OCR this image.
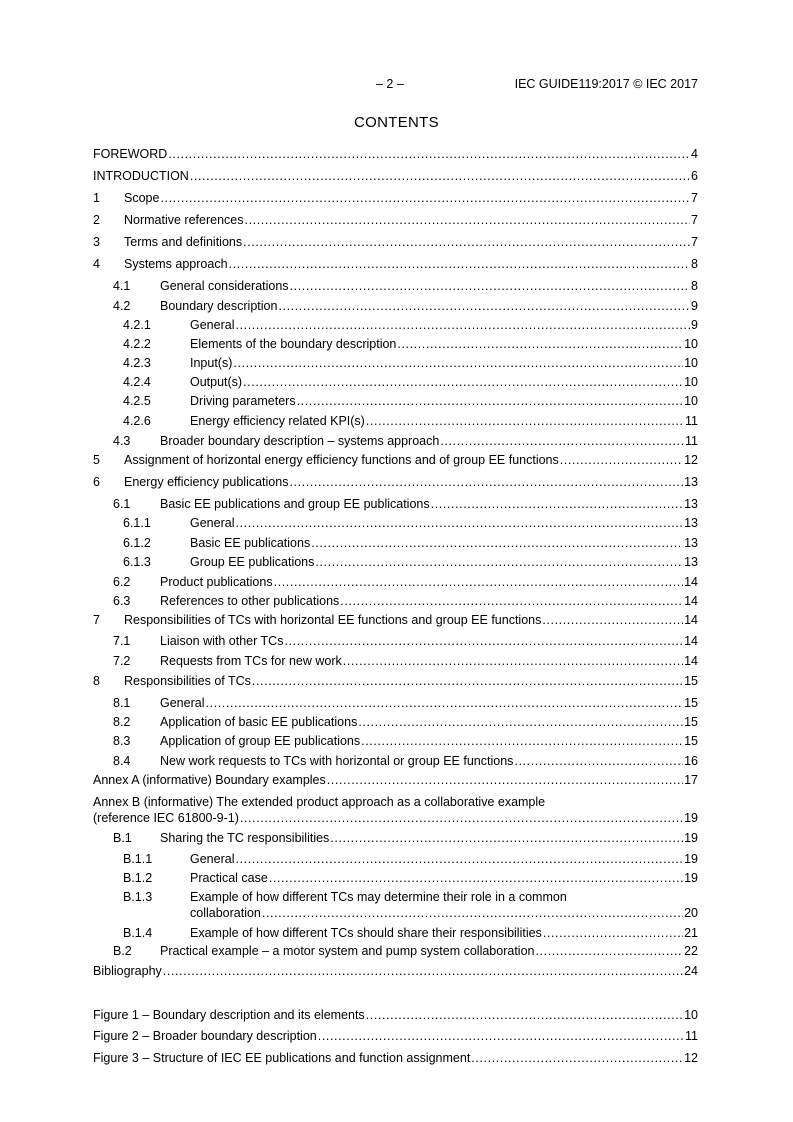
– 2 –	IEC GUIDE119:2017 © IEC 2017
CONTENTS
FOREWORD .....	4
INTRODUCTION .....	6
1 Scope .....	7
2 Normative references .....	7
3 Terms and definitions .....	7
4 Systems approach .....	8
4.1 General considerations .....	8
4.2 Boundary description .....	9
4.2.1	General .....	9
4.2.2	Elements of the boundary description .....	10
4.2.3	Input(s) .....	10
4.2.4	Output(s) .....	10
4.2.5	Driving parameters .....	10
4.2.6	Energy efficiency related KPI(s) .....	11
4.3 Broader boundary description – systems approach .....	11
5 Assignment of horizontal energy efficiency functions and of group EE functions .....	12
6 Energy efficiency publications .....	13
6.1 Basic EE publications and group EE publications .....	13
6.1.1	General .....	13
6.1.2	Basic EE publications .....	13
6.1.3	Group EE publications .....	13
6.2 Product publications .....	14
6.3 References to other publications .....	14
7 Responsibilities of TCs with horizontal EE functions and group EE functions .....	14
7.1 Liaison with other TCs .....	14
7.2 Requests from TCs for new work .....	14
8 Responsibilities of TCs .....	15
8.1 General .....	15
8.2 Application of basic EE publications .....	15
8.3 Application of group EE publications .....	15
8.4 New work requests to TCs with horizontal or group EE functions .....	16
Annex A (informative) Boundary examples .....	17
Annex B (informative) The extended product approach as a collaborative example
(reference IEC 61800-9-1) .....	19
B.1 Sharing the TC responsibilities .....	19
B.1.1	General .....	19
B.1.2	Practical case .....	19
B.1.3	Example of how different TCs may determine their role in a common
collaboration .....	20
B.1.4	Example of how different TCs should share their responsibilities .....	21
B.2 Practical example – a motor system and pump system collaboration .....	22
Bibliography .....	24
Figure 1 – Boundary description and its elements .....	10
Figure 2 – Broader boundary description .....	11
Figure 3 – Structure of IEC EE publications and function assignment .....	12
